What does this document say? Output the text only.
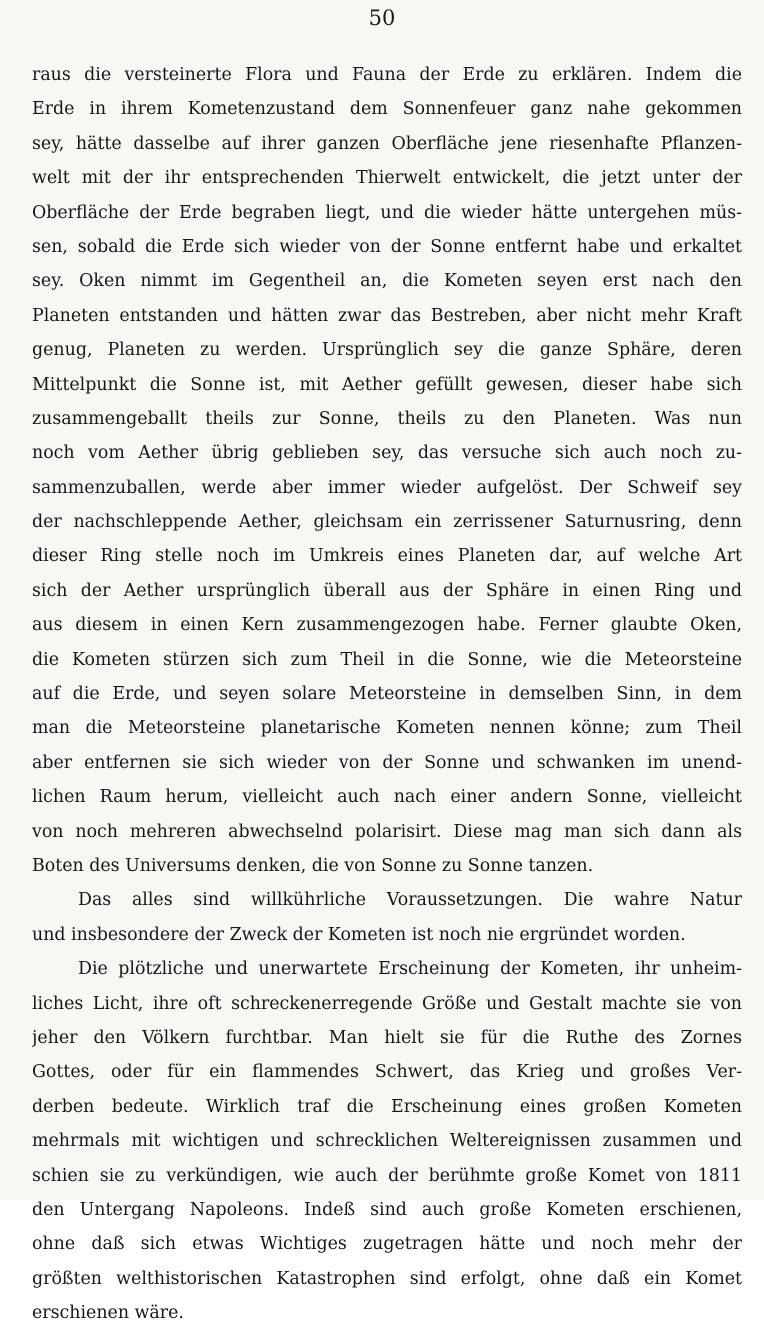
50
raus die versteinerte Flora und Fauna der Erde zu erklären. Indem die
Erde in ihrem Kometenzustand dem Sonnenfeuer ganz nahe gekommen
sey, hätte dasselbe auf ihrer ganzen Oberfläche jene riesenhafte Pflanzen-
welt mit der ihr entsprechenden Thierwelt entwickelt, die jetzt unter der
Oberfläche der Erde begraben liegt, und die wieder hätte untergehen müs-
sen, sobald die Erde sich wieder von der Sonne entfernt habe und erkaltet
sey. Oken nimmt im Gegentheil an, die Kometen seyen erst nach den
Planeten entstanden und hätten zwar das Bestreben, aber nicht mehr Kraft
genug, Planeten zu werden. Ursprünglich sey die ganze Sphäre, deren
Mittelpunkt die Sonne ist, mit Aether gefüllt gewesen, dieser habe sich
zusammengeballt theils zur Sonne, theils zu den Planeten. Was nun
noch vom Aether übrig geblieben sey, das versuche sich auch noch zu-
sammenzuballen, werde aber immer wieder aufgelöst. Der Schweif sey
der nachschleppende Aether, gleichsam ein zerrissener Saturnusring, denn
dieser Ring stelle noch im Umkreis eines Planeten dar, auf welche Art
sich der Aether ursprünglich überall aus der Sphäre in einen Ring und
aus diesem in einen Kern zusammengezogen habe. Ferner glaubte Oken,
die Kometen stürzen sich zum Theil in die Sonne, wie die Meteorsteine
auf die Erde, und seyen solare Meteorsteine in demselben Sinn, in dem
man die Meteorsteine planetarische Kometen nennen könne; zum Theil
aber entfernen sie sich wieder von der Sonne und schwanken im unend-
lichen Raum herum, vielleicht auch nach einer andern Sonne, vielleicht
von noch mehreren abwechselnd polarisirt. Diese mag man sich dann als
Boten des Universums denken, die von Sonne zu Sonne tanzen.
Das alles sind willkührliche Voraussetzungen. Die wahre Natur
und insbesondere der Zweck der Kometen ist noch nie ergründet worden.
Die plötzliche und unerwartete Erscheinung der Kometen, ihr unheim-
liches Licht, ihre oft schreckenerregende Größe und Gestalt machte sie von
jeher den Völkern furchtbar. Man hielt sie für die Ruthe des Zornes
Gottes, oder für ein flammendes Schwert, das Krieg und großes Ver-
derben bedeute. Wirklich traf die Erscheinung eines großen Kometen
mehrmals mit wichtigen und schrecklichen Weltereignissen zusammen und
schien sie zu verkündigen, wie auch der berühmte große Komet von 1811
den Untergang Napoleons. Indeß sind auch große Kometen erschienen,
ohne daß sich etwas Wichtiges zugetragen hätte und noch mehr der
größten welthistorischen Katastrophen sind erfolgt, ohne daß ein Komet
erschienen wäre.
